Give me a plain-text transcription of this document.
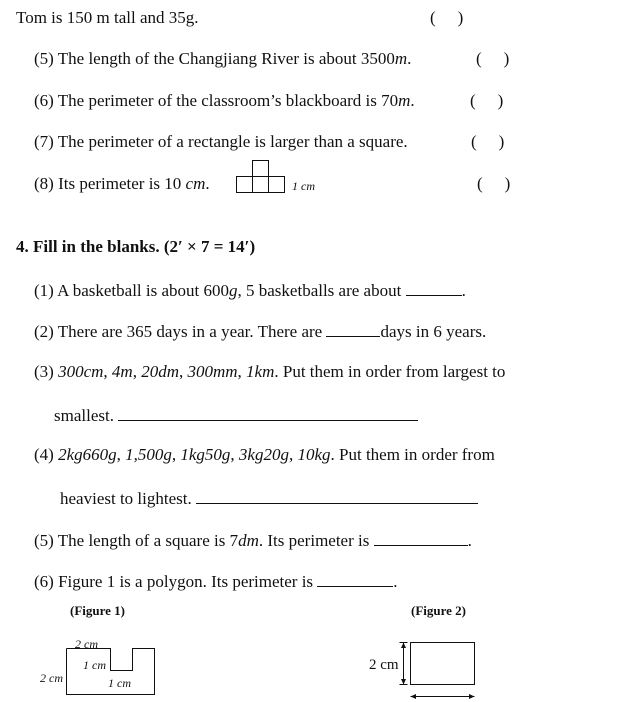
Tom is 150 m tall and 35g.	( )
(5) The length of the Changjiang River is about 3500m.	( )
(6) The perimeter of the classroom’s blackboard is 70m.	( )
(7) The perimeter of a rectangle is larger than a square.	( )
(8) Its perimeter is 10 cm.	1 cm	( )
4. Fill in the blanks. (2′ × 7 = 14′)
(1) A basketball is about 600g, 5 basketballs are about	.
(2) There are 365 days in a year. There are	days in 6 years.
(3) 300cm, 4m, 20dm, 300mm, 1km. Put them in order from largest to
smallest.
(4) 2kg660g, 1,500g, 1kg50g, 3kg20g, 10kg. Put them in order from
heaviest to lightest.
(5) The length of a square is 7dm. Its perimeter is	.
(6) Figure 1 is a polygon. Its perimeter is	.
(Figure 1)
2 cm
2 cm
1 cm
1 cm
(Figure 2)
2 cm
